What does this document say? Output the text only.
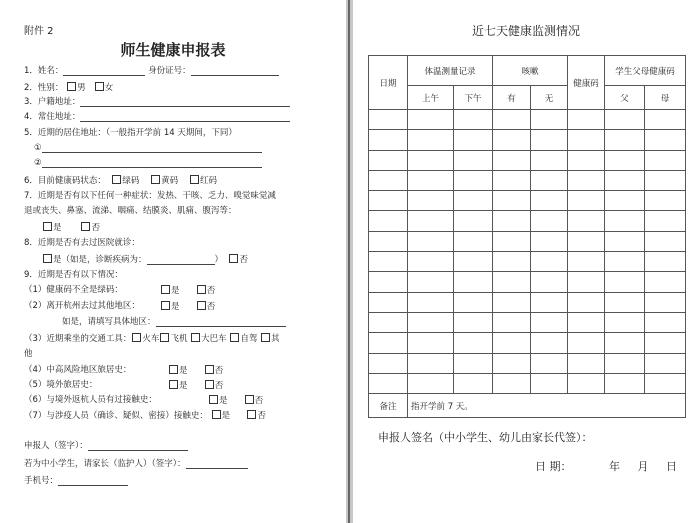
附件 2
师生健康申报表
1．姓名：	身份证号：
2．性别： 男 女
3．户籍地址：
4．常住地址：
5．近期的居住地址：（一般指开学前 14 天期间，下同）
①
②
6．目前健康码状态： 绿码	黄码	红码
7．近期是否有以下任何一种症状：发热、干咳、乏力、嗅觉味觉减
退或丧失、鼻塞、流涕、咽痛、结膜炎、肌痛、腹泻等：
是	否
8．近期是否有去过医院就诊：
是（如是，诊断疾病为：	） 否
9．近期是否有以下情况：
（1）健康码不全是绿码：	是	否
（2）离开杭州去过其他地区：	是	否
如是，请填写具体地区：
（3）近期乘坐的交通工具： 火车 飞机 大巴车 自驾 其
他
（4）中高风险地区旅居史：	是	否
（5）境外旅居史：	是	否
（6）与境外返杭人员有过接触史：	是	否
（7）与涉疫人员（确诊、疑似、密接）接触史： 是	否
申报人（签字）：
若为中小学生，请家长（监护人）（签字）：
手机号：
近七天健康监测情况
日期	体温测量记录		咳嗽		健康码	学生父母健康码	
	上午	下午	有	无		父	母

备注	指开学前 7 天。						
申报人签名（中小学生、幼儿由家长代签）：
日 期：	年 月 日
